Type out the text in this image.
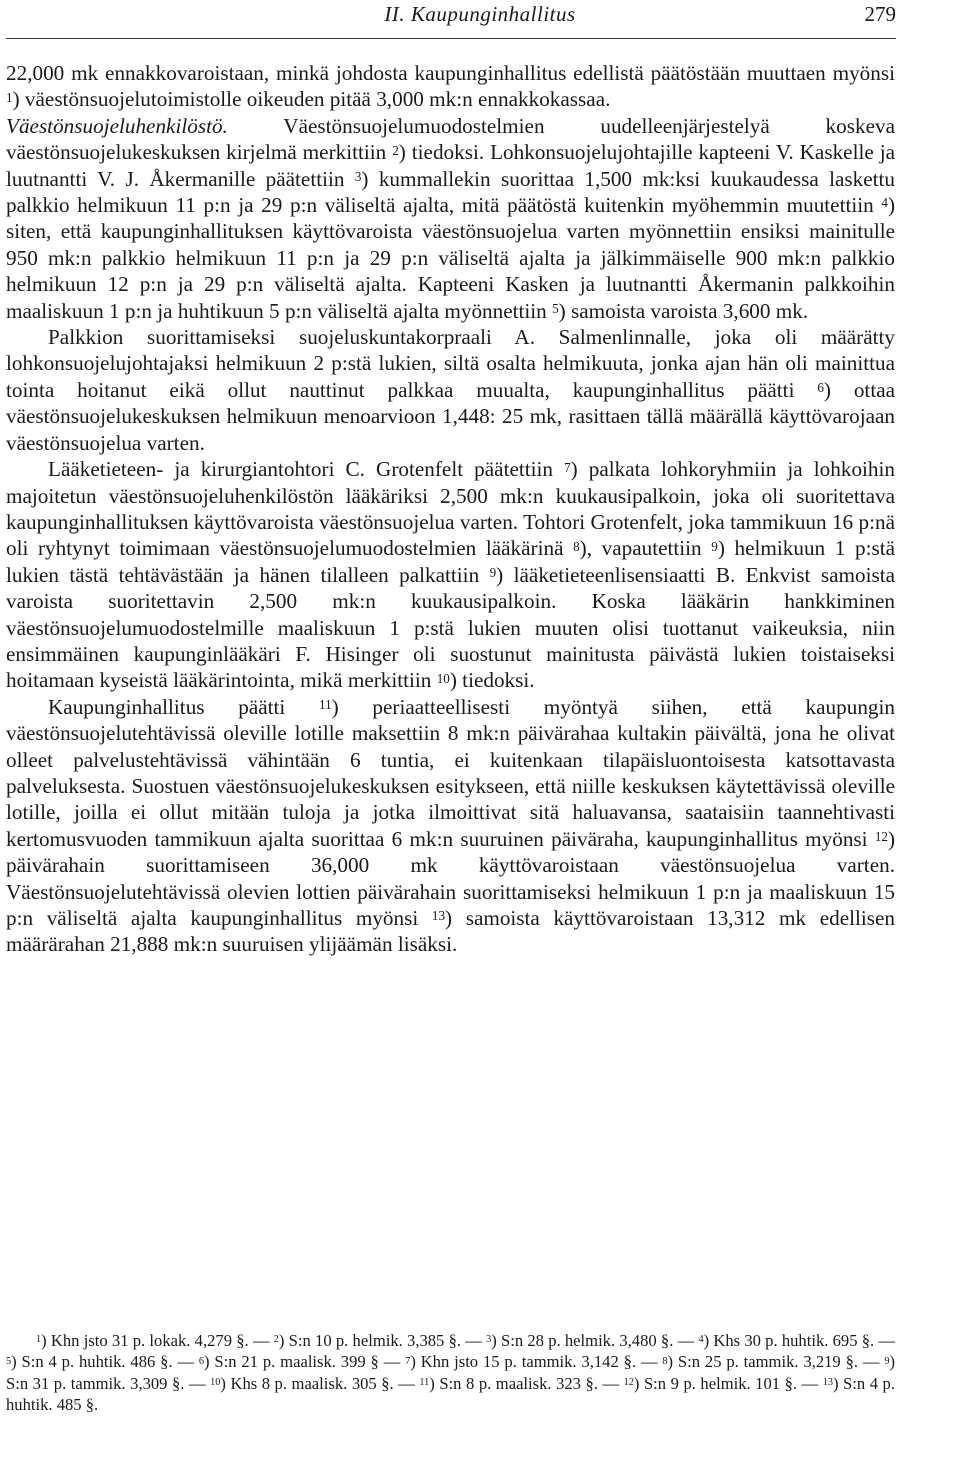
II. Kaupunginhallitus	279

22,000 mk ennakkovaroistaan, minkä johdosta kaupunginhallitus edellistä päätöstään muuttaen myönsi $^1$) väestönsuojelutoimistolle oikeuden pitää 3,000 mk:n ennakkokassaa.

Väestönsuojeluhenkilöstö. Väestönsuojelumuodostelmien uudelleenjärjestelyä koskeva väestönsuojelukeskuksen kirjelmä merkittiin $^2$) tiedoksi. Lohkonsuojelujohtajille kapteeni V. Kaskelle ja luutnantti V. J. Åkermanille päätettiin $^3$) kummallekin suorittaa 1,500 mk:ksi kuukaudessa laskettu palkkio helmikuun 11 p:n ja 29 p:n väliseltä ajalta, mitä päätöstä kuitenkin myöhemmin muutettiin $^4$) siten, että kaupunginhallituksen käyttövaroista väestönsuojelua varten myönnettiin ensiksi mainitulle 950 mk:n palkkio helmikuun 11 p:n ja 29 p:n väliseltä ajalta ja jälkimmäiselle 900 mk:n palkkio helmikuun 12 p:n ja 29 p:n väliseltä ajalta. Kapteeni Kasken ja luutnantti Åkermanin palkkoihin maaliskuun 1 p:n ja huhtikuun 5 p:n väliseltä ajalta myönnettiin $^5$) samoista varoista 3,600 mk.

Palkkion suorittamiseksi suojeluskuntakorpraali A. Salmenlinnalle, joka oli määrätty lohkonsuojelujohtajaksi helmikuun 2 p:stä lukien, siltä osalta helmikuuta, jonka ajan hän oli mainittua tointa hoitanut eikä ollut nauttinut palkkaa muualta, kaupunginhallitus päätti $^6$) ottaa väestönsuojelukeskuksen helmikuun menoarvioon 1,448: 25 mk, rasittaen tällä määrällä käyttövarojaan väestönsuojelua varten.

Lääketieteen- ja kirurgiantohtori C. Grotenfelt päätettiin $^7$) palkata lohkoryhmiin ja lohkoihin majoitetun väestönsuojeluhenkilöstön lääkäriksi 2,500 mk:n kuukausipalkoin, joka oli suoritettava kaupunginhallituksen käyttövaroista väestönsuojelua varten. Tohtori Grotenfelt, joka tammikuun 16 p:nä oli ryhtynyt toimimaan väestönsuojelumuodostelmien lääkärinä $^8$), vapautettiin $^9$) helmikuun 1 p:stä lukien tästä tehtävästään ja hänen tilalleen palkattiin $^9$) lääketieteenlisensiaatti B. Enkvist samoista varoista suoritettavin 2,500 mk:n kuukausipalkoin. Koska lääkärin hankkiminen väestönsuojelumuodostelmille maaliskuun 1 p:stä lukien muuten olisi tuottanut vaikeuksia, niin ensimmäinen kaupunginlääkäri F. Hisinger oli suostunut mainitusta päivästä lukien toistaiseksi hoitamaan kyseistä lääkärintointa, mikä merkittiin $^{10}$) tiedoksi.

Kaupunginhallitus päätti $^{11}$) periaatteellisesti myöntyä siihen, että kaupungin väestönsuojelutehtävissä oleville lotille maksettiin 8 mk:n päivärahaa kultakin päivältä, jona he olivat olleet palvelustehtävissä vähintään 6 tuntia, ei kuitenkaan tilapäisluontoisesta katsottavasta palveluksesta. Suostuen väestönsuojelukeskuksen esitykseen, että niille keskuksen käytettävissä oleville lotille, joilla ei ollut mitään tuloja ja jotka ilmoittivat sitä haluavansa, saataisiin taannehtivasti kertomusvuoden tammikuun ajalta suorittaa 6 mk:n suuruinen päiväraha, kaupunginhallitus myönsi $^{12}$) päivärahain suorittamiseen 36,000 mk käyttövaroistaan väestönsuojelua varten. Väestönsuojelutehtävissä olevien lottien päivärahain suorittamiseksi helmikuun 1 p:n ja maaliskuun 15 p:n väliseltä ajalta kaupunginhallitus myönsi $^{13}$) samoista käyttövaroistaan 13,312 mk edellisen määrärahan 21,888 mk:n suuruisen ylijäämän lisäksi.

$^1$) Khn jsto 31 p. lokak. 4,279 §. — $^2$) S:n 10 p. helmik. 3,385 §. — $^3$) S:n 28 p. helmik. 3,480 §. — $^4$) Khs 30 p. huhtik. 695 §. — $^5$) S:n 4 p. huhtik. 486 §. — $^6$) S:n 21 p. maalisk. 399 § — $^7$) Khn jsto 15 p. tammik. 3,142 §. — $^8$) S:n 25 p. tammik. 3,219 §. — $^9$) S:n 31 p. tammik. 3,309 §. — $^{10}$) Khs 8 p. maalisk. 305 §. — $^{11}$) S:n 8 p. maalisk. 323 §. — $^{12}$) S:n 9 p. helmik. 101 §. — $^{13}$) S:n 4 p. huhtik. 485 §.
